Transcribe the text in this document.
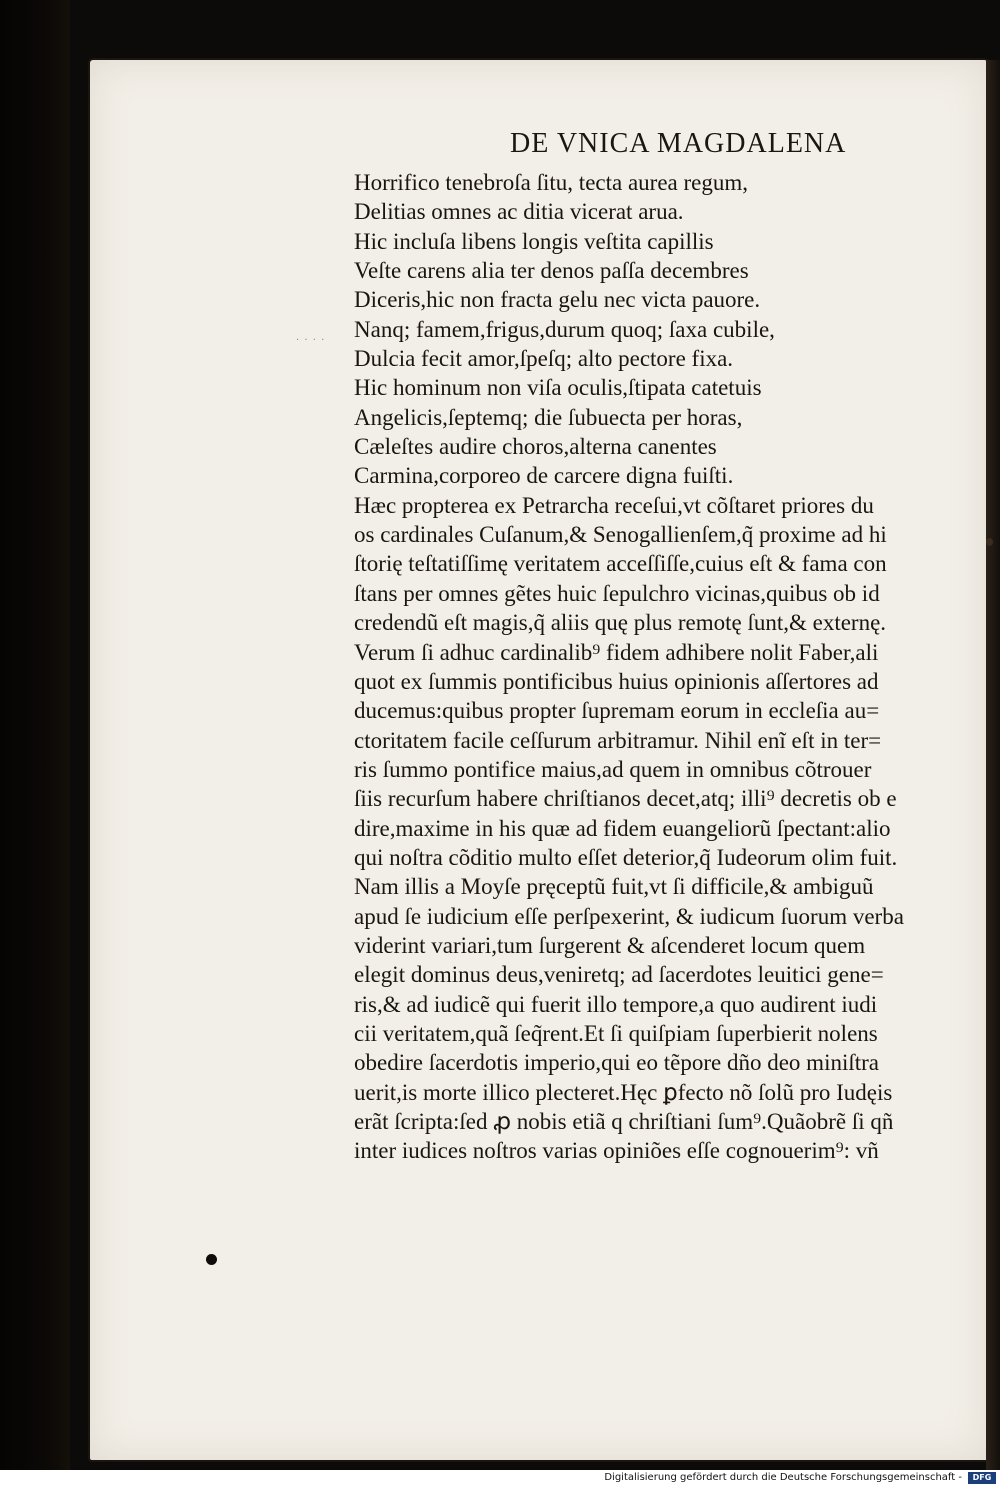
DE VNICA MAGDALENA
· · · ·
Horrifico tenebroſa ſitu, tecta aurea regum,
Delitias omnes ac ditia vicerat arua.
Hic incluſa libens longis veſtita capillis
Veſte carens alia ter denos paſſa decembres
Diceris,hic non fracta gelu nec victa pauore.
Nanq; famem,frigus,durum quoq; ſaxa cubile,
Dulcia fecit amor,ſpeſq; alto pectore fixa.
Hic hominum non viſa oculis,ſtipata catetuis
Angelicis,ſeptemq; die ſubuecta per horas,
Cæleſtes audire choros,alterna canentes
Carmina,corporeo de carcere digna fuiſti.
Hæc propterea ex Petrarcha receſui,vt cõſtaret priores du
os cardinales Cuſanum,& Senogallienſem,q̃ proxime ad hi
ſtorię teſtatiſſimę veritatem acceſſiſſe,cuius eſt & fama con
ſtans per omnes gẽtes huic ſepulchro vicinas,quibus ob id
credendũ eſt magis,q̃ aliis quę plus remotę ſunt,& externę.
Verum ſi adhuc cardinalib⁹ fidem adhibere nolit Faber,ali
quot ex ſummis pontificibus huius opinionis aſſertores ad
ducemus:quibus propter ſupremam eorum in eccleſia au=
ctoritatem facile ceſſurum arbitramur. Nihil enĩ eſt in ter=
ris ſummo pontifice maius,ad quem in omnibus cõtrouer
ſiis recurſum habere chriſtianos decet,atq; illi⁹ decretis ob e
dire,maxime in his quæ ad fidem euangeliorũ ſpectant:alio
qui noſtra cõditio multo eſſet deterior,q̃ Iudeorum olim fuit.
Nam illis a Moyſe pręceptũ fuit,vt ſi difficile,& ambiguũ
apud ſe iudicium eſſe perſpexerint, & iudicum ſuorum verba
viderint variari,tum ſurgerent & aſcenderet locum quem
elegit dominus deus,veniretq; ad ſacerdotes leuitici gene=
ris,& ad iudicẽ qui fuerit illo tempore,a quo audirent iudi
cii veritatem,quã ſeq̃rent.Et ſi quiſpiam ſuperbierit nolens
obedire ſacerdotis imperio,qui eo tẽpore dño deo miniſtra
uerit,is morte illico plecteret.Hęc ꝑfecto nõ ſolũ pro Iudęis
erãt ſcripta:ſed ꝓ nobis etiã q chriſtiani ſum⁹.Quãobrẽ ſi qñ
inter iudices noſtros varias opiniões eſſe cognouerim⁹: vñ
Digitalisierung gefördert durch die Deutsche Forschungsgemeinschaft -	DFG
